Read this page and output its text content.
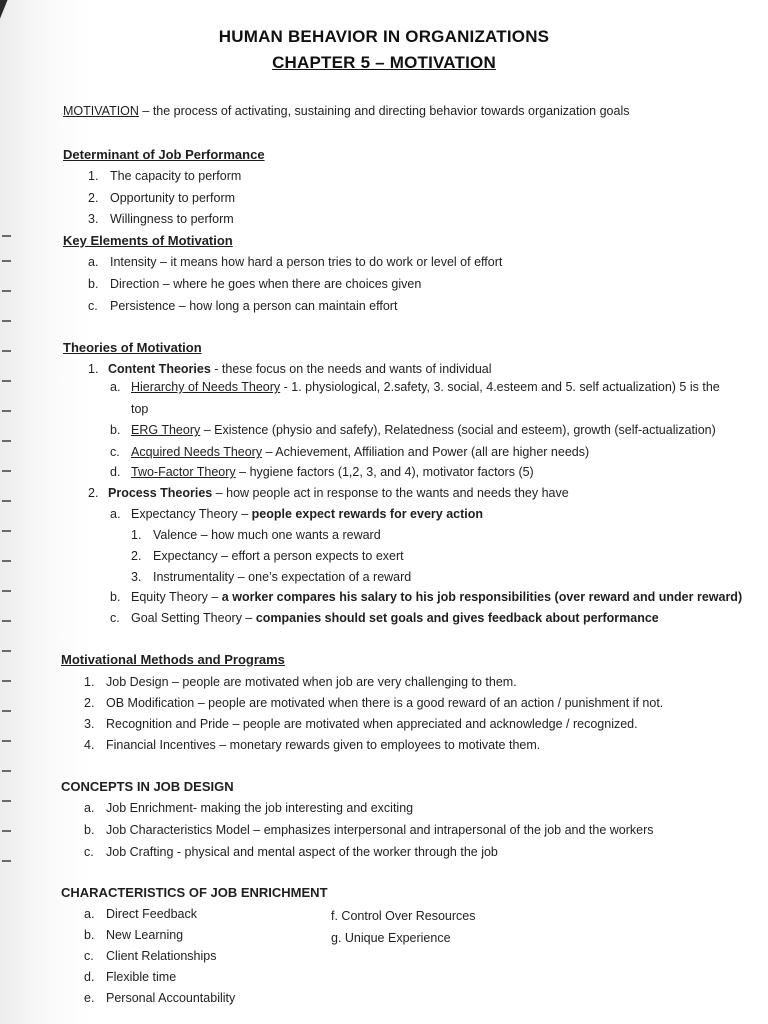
HUMAN BEHAVIOR IN ORGANIZATIONS
CHAPTER 5 – MOTIVATION
MOTIVATION – the process of activating, sustaining and directing behavior towards organization goals
Determinant of Job Performance
1. The capacity to perform
2. Opportunity to perform
3. Willingness to perform
Key Elements of Motivation
a. Intensity – it means how hard a person tries to do work or level of effort
b. Direction – where he goes when there are choices given
c. Persistence – how long a person can maintain effort
Theories of Motivation
1. Content Theories - these focus on the needs and wants of individual
a. Hierarchy of Needs Theory - 1. physiological, 2.safety, 3. social, 4.esteem and 5. self actualization) 5 is the
top
b. ERG Theory – Existence (physio and safefy), Relatedness (social and esteem), growth (self-actualization)
c. Acquired Needs Theory – Achievement, Affiliation and Power (all are higher needs)
d. Two-Factor Theory – hygiene factors (1,2, 3, and 4), motivator factors (5)
2. Process Theories – how people act in response to the wants and needs they have
a. Expectancy Theory – people expect rewards for every action
1. Valence – how much one wants a reward
2. Expectancy – effort a person expects to exert
3. Instrumentality – one’s expectation of a reward
b. Equity Theory – a worker compares his salary to his job responsibilities (over reward and under reward)
c. Goal Setting Theory – companies should set goals and gives feedback about performance
Motivational Methods and Programs
1. Job Design – people are motivated when job are very challenging to them.
2. OB Modification – people are motivated when there is a good reward of an action / punishment if not.
3. Recognition and Pride – people are motivated when appreciated and acknowledge / recognized.
4. Financial Incentives – monetary rewards given to employees to motivate them.
CONCEPTS IN JOB DESIGN
a. Job Enrichment- making the job interesting and exciting
b. Job Characteristics Model – emphasizes interpersonal and intrapersonal of the job and the workers
c. Job Crafting - physical and mental aspect of the worker through the job
CHARACTERISTICS OF JOB ENRICHMENT
a. Direct Feedback
b. New Learning
c. Client Relationships
d. Flexible time
e. Personal Accountability
f. Control Over Resources
g. Unique Experience
